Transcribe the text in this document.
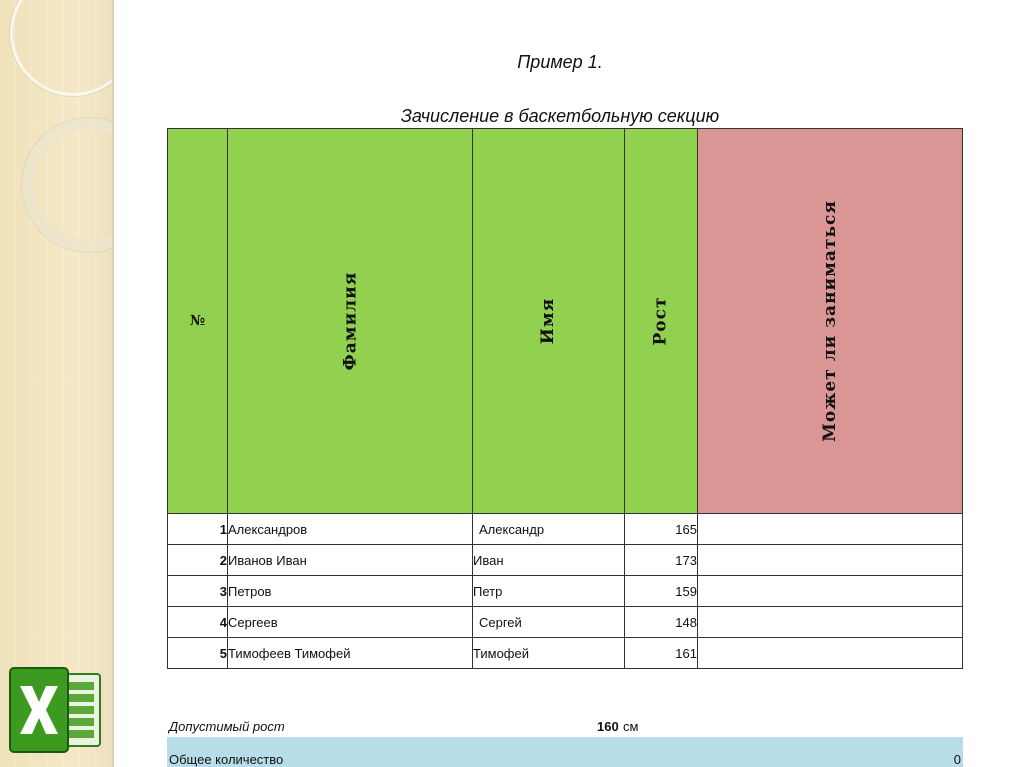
Пример 1.
Зачисление в баскетбольную секцию
№	Фамилия	Имя	Рост	Может ли заниматься
1	Александров	Александр	165	
2	Иванов Иван	Иван	173	
3	Петров	Петр	159	
4	Сергеев	Сергей	148	
5	Тимофеев Тимофей	Тимофей	161	
Допустимый рост	160 см
Общее количество	0
